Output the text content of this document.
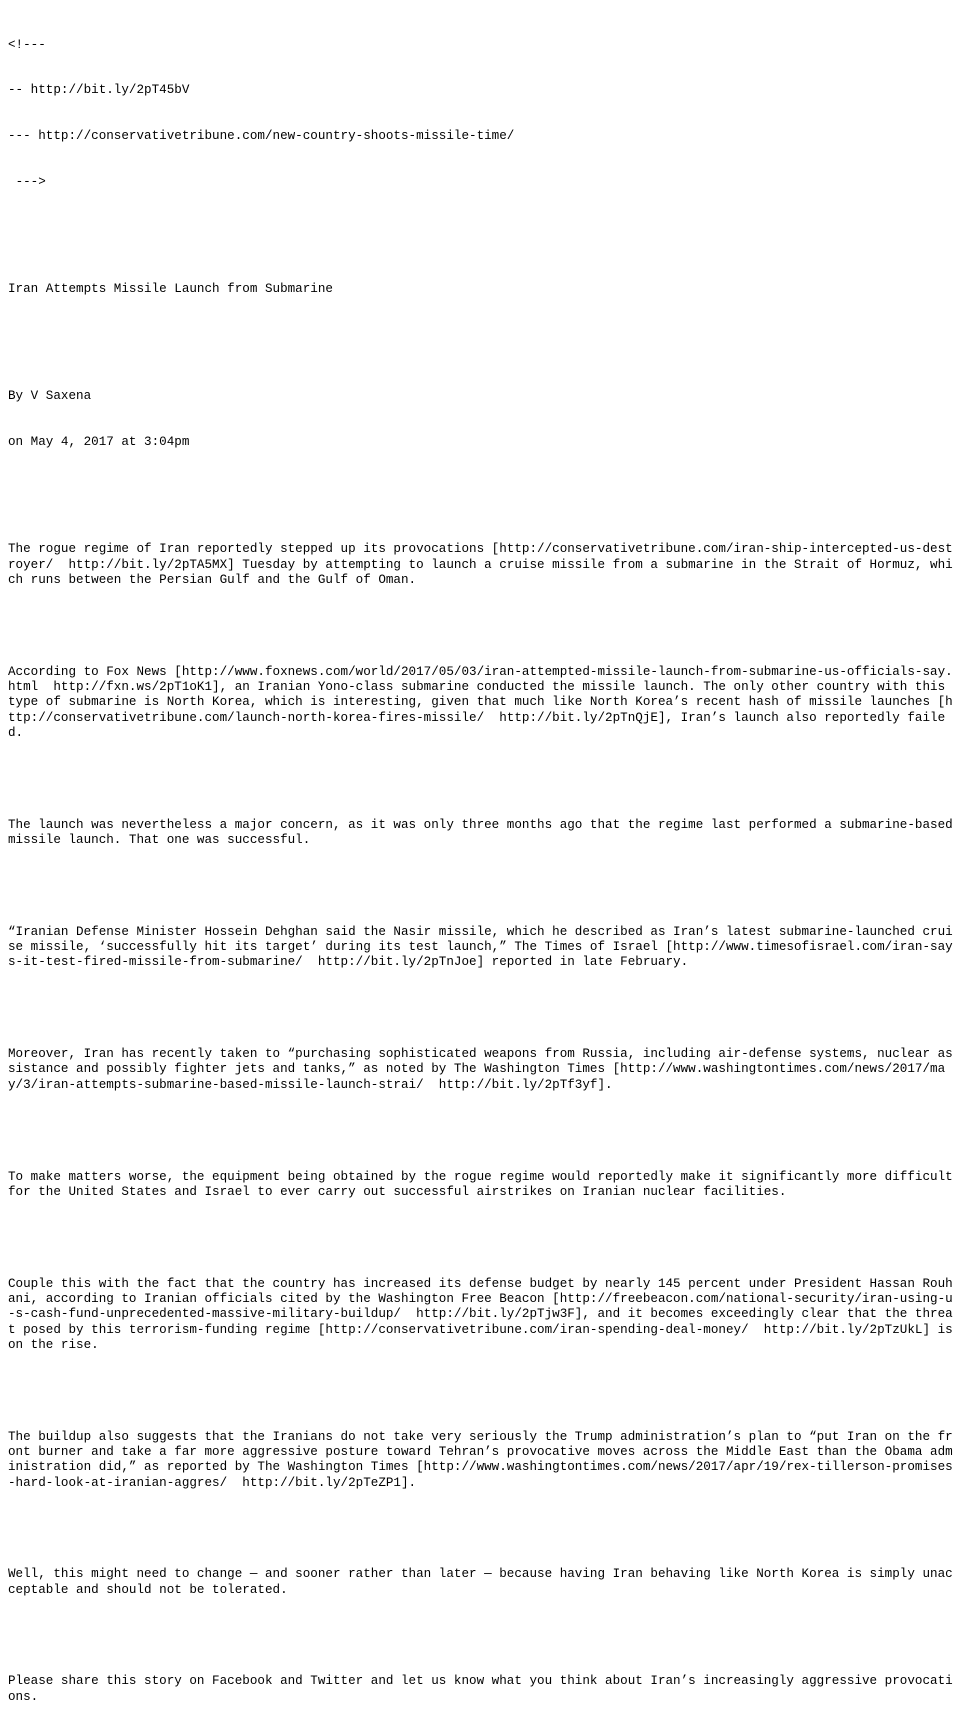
<!---

-- http://bit.ly/2pT45bV

--- http://conservativetribune.com/new-country-shoots-missile-time/

--->

Iran Attempts Missile Launch from Submarine

By V Saxena

on May 4, 2017 at 3:04pm

The rogue regime of Iran reportedly stepped up its provocations [http://conservativetribune.com/iran-ship-intercepted-us-destroyer/  http://bit.ly/2pTA5MX] Tuesday by attempting to launch a cruise missile from a submarine in the Strait of Hormuz, which runs between the Persian Gulf and the Gulf of Oman.

According to Fox News [http://www.foxnews.com/world/2017/05/03/iran-attempted-missile-launch-from-submarine-us-officials-say.html  http://fxn.ws/2pT1oK1], an Iranian Yono-class submarine conducted the missile launch. The only other country with this type of submarine is North Korea, which is interesting, given that much like North Korea’s recent hash of missile launches [http://conservativetribune.com/launch-north-korea-fires-missile/  http://bit.ly/2pTnQjE], Iran’s launch also reportedly failed.

The launch was nevertheless a major concern, as it was only three months ago that the regime last performed a submarine-based missile launch. That one was successful.

“Iranian Defense Minister Hossein Dehghan said the Nasir missile, which he described as Iran’s latest submarine-launched cruise missile, ‘successfully hit its target’ during its test launch,” The Times of Israel [http://www.timesofisrael.com/iran-says-it-test-fired-missile-from-submarine/  http://bit.ly/2pTnJoe] reported in late February.

Moreover, Iran has recently taken to “purchasing sophisticated weapons from Russia, including air-defense systems, nuclear assistance and possibly fighter jets and tanks,” as noted by The Washington Times [http://www.washingtontimes.com/news/2017/may/3/iran-attempts-submarine-based-missile-launch-strai/  http://bit.ly/2pTf3yf].

To make matters worse, the equipment being obtained by the rogue regime would reportedly make it significantly more difficult for the United States and Israel to ever carry out successful airstrikes on Iranian nuclear facilities.

Couple this with the fact that the country has increased its defense budget by nearly 145 percent under President Hassan Rouhani, according to Iranian officials cited by the Washington Free Beacon [http://freebeacon.com/national-security/iran-using-u-s-cash-fund-unprecedented-massive-military-buildup/  http://bit.ly/2pTjw3F], and it becomes exceedingly clear that the threat posed by this terrorism-funding regime [http://conservativetribune.com/iran-spending-deal-money/  http://bit.ly/2pTzUkL] is on the rise.

The buildup also suggests that the Iranians do not take very seriously the Trump administration’s plan to “put Iran on the front burner and take a far more aggressive posture toward Tehran’s provocative moves across the Middle East than the Obama administration did,” as reported by The Washington Times [http://www.washingtontimes.com/news/2017/apr/19/rex-tillerson-promises-hard-look-at-iranian-aggres/  http://bit.ly/2pTeZP1].

Well, this might need to change — and sooner rather than later — because having Iran behaving like North Korea is simply unacceptable and should not be tolerated.

Please share this story on Facebook and Twitter and let us know what you think about Iran’s increasingly aggressive provocations.
